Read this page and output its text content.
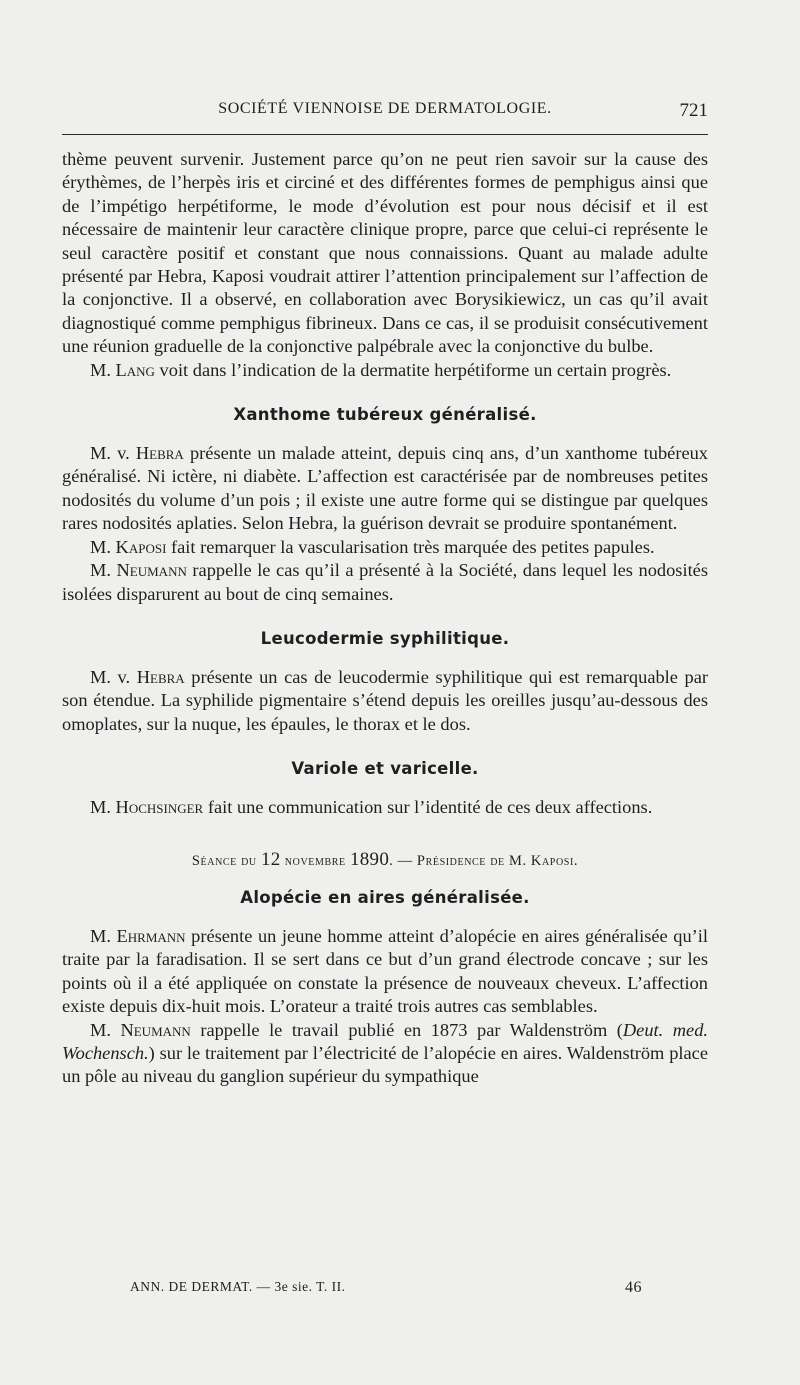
SOCIÉTÉ VIENNOISE DE DERMATOLOGIE.	721

thème peuvent survenir. Justement parce qu’on ne peut rien savoir sur la cause des érythèmes, de l’herpès iris et circiné et des différentes formes de pemphigus ainsi que de l’impétigo herpétiforme, le mode d’évolution est pour nous décisif et il est nécessaire de maintenir leur caractère clinique propre, parce que celui-ci représente le seul caractère positif et constant que nous connaissions. Quant au malade adulte présenté par Hebra, Kaposi voudrait attirer l’attention principalement sur l’affection de la conjonctive. Il a observé, en collaboration avec Borysikiewicz, un cas qu’il avait diagnostiqué comme pemphigus fibrineux. Dans ce cas, il se produisit consécutivement une réunion graduelle de la conjonctive palpébrale avec la conjonctive du bulbe.

M. Lang voit dans l’indication de la dermatite herpétiforme un certain progrès.

Xanthome tubéreux généralisé.

M. v. Hebra présente un malade atteint, depuis cinq ans, d’un xanthome tubéreux généralisé. Ni ictère, ni diabète. L’affection est caractérisée par de nombreuses petites nodosités du volume d’un pois ; il existe une autre forme qui se distingue par quelques rares nodosités aplaties. Selon Hebra, la guérison devrait se produire spontanément.

M. Kaposi fait remarquer la vascularisation très marquée des petites papules.

M. Neumann rappelle le cas qu’il a présenté à la Société, dans lequel les nodosités isolées disparurent au bout de cinq semaines.

Leucodermie syphilitique.

M. v. Hebra présente un cas de leucodermie syphilitique qui est remarquable par son étendue. La syphilide pigmentaire s’étend depuis les oreilles jusqu’au-dessous des omoplates, sur la nuque, les épaules, le thorax et le dos.

Variole et varicelle.

M. Hochsinger fait une communication sur l’identité de ces deux affections.

Séance du 12 novembre 1890. — Présidence de M. Kaposi.
Alopécie en aires généralisée.

M. Ehrmann présente un jeune homme atteint d’alopécie en aires généralisée qu’il traite par la faradisation. Il se sert dans ce but d’un grand électrode concave ; sur les points où il a été appliquée on constate la présence de nouveaux cheveux. L’affection existe depuis dix-huit mois. L’orateur a traité trois autres cas semblables.

M. Neumann rappelle le travail publié en 1873 par Waldenström (Deut. med. Wochensch.) sur le traitement par l’électricité de l’alopécie en aires. Waldenström place un pôle au niveau du ganglion supérieur du sympathique

ANN. DE DERMAT. — 3e sie. T. II.	46
